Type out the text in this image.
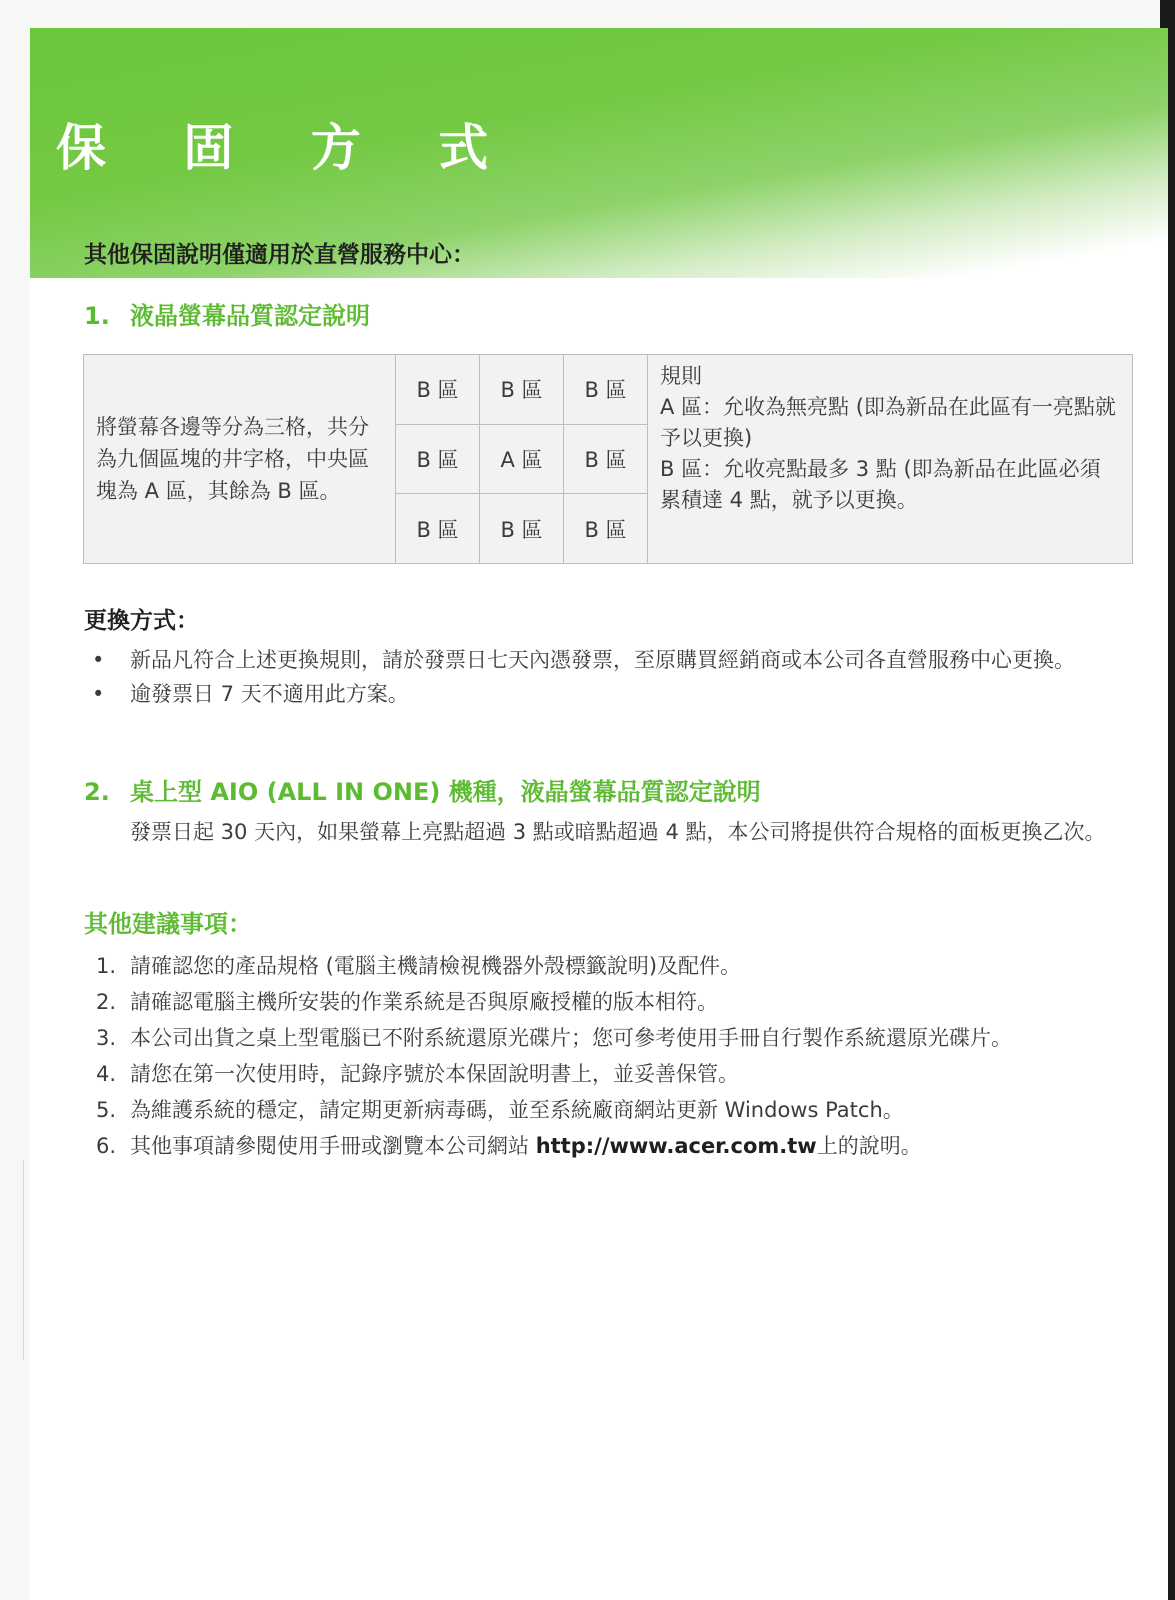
保 固 方 式

其他保固說明僅適用於直營服務中心：

1. 液晶螢幕品質認定說明
將螢幕各邊等分為三格，共分為九個區塊的井字格，中央區塊為 A 區，其餘為 B 區。	B 區	B 區	B 區	規則
A 區：允收為無亮點 (即為新品在此區有一亮點就予以更換)
B 區：允收亮點最多 3 點 (即為新品在此區必須累積達 4 點，就予以更換。

	B 區	A 區	B 區	
	B 區	B 區	B 區	
更換方式：
• 新品凡符合上述更換規則，請於發票日七天內憑發票，至原購買經銷商或本公司各直營服務中心更換。
• 逾發票日 7 天不適用此方案。
2. 桌上型 AIO (ALL IN ONE) 機種，液晶螢幕品質認定說明

發票日起 30 天內，如果螢幕上亮點超過 3 點或暗點超過 4 點，本公司將提供符合規格的面板更換乙次。

其他建議事項：
1. 請確認您的產品規格 (電腦主機請檢視機器外殼標籤說明)及配件。
2. 請確認電腦主機所安裝的作業系統是否與原廠授權的版本相符。
3. 本公司出貨之桌上型電腦已不附系統還原光碟片；您可參考使用手冊自行製作系統還原光碟片。
4. 請您在第一次使用時，記錄序號於本保固說明書上，並妥善保管。
5. 為維護系統的穩定，請定期更新病毒碼，並至系統廠商網站更新 Windows Patch。
6. 其他事項請參閱使用手冊或瀏覽本公司網站 http://www.acer.com.tw上的說明。
